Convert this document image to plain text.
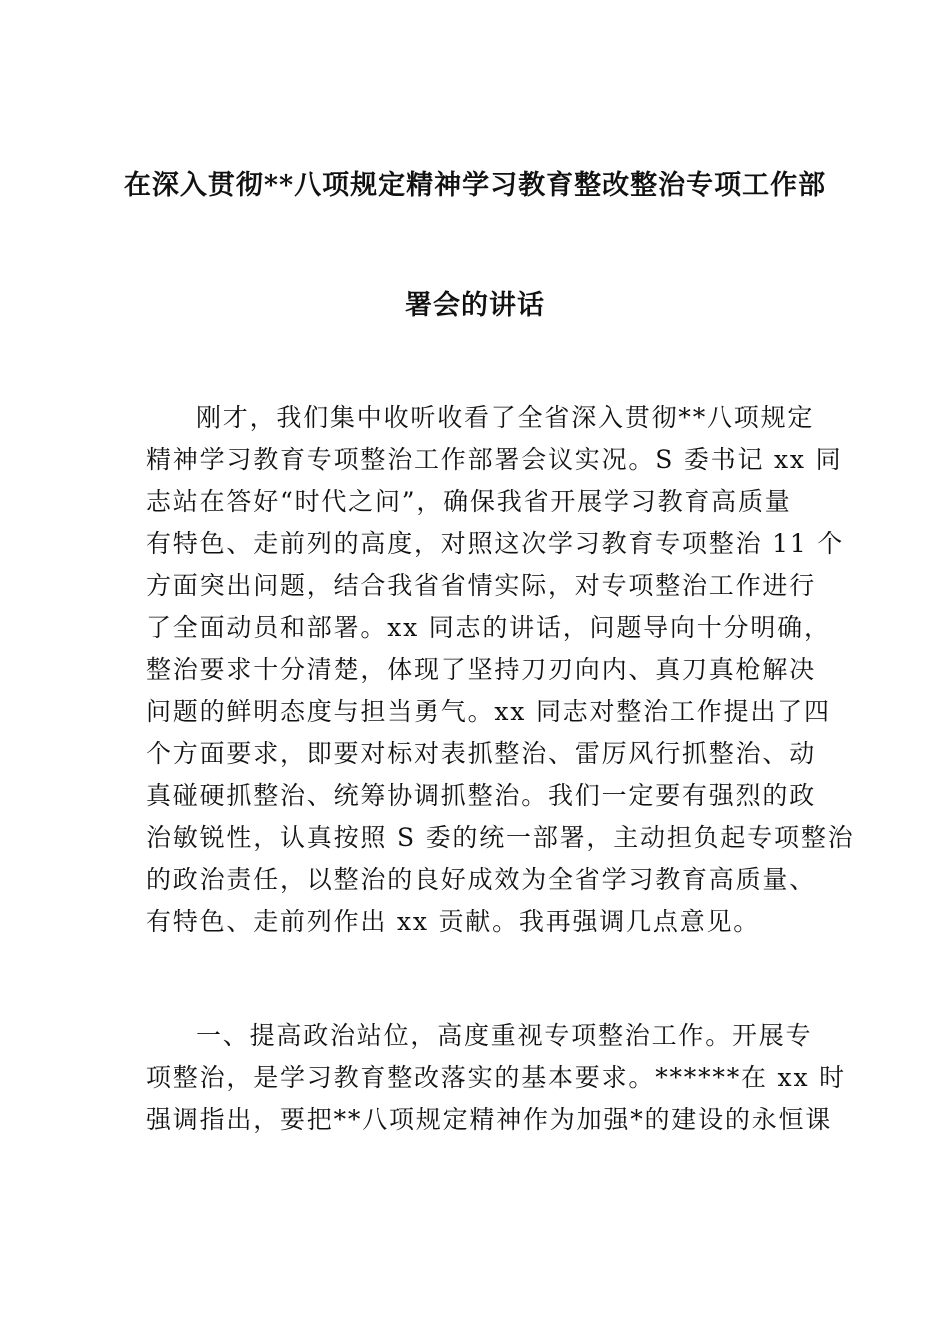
在深入贯彻**八项规定精神学习教育整改整治专项工作部
署会的讲话
刚才，我们集中收听收看了全省深入贯彻**八项规定
精神学习教育专项整治工作部署会议实况。S 委书记 xx 同
志站在答好“时代之问”，确保我省开展学习教育高质量
有特色、走前列的高度，对照这次学习教育专项整治 11 个
方面突出问题，结合我省省情实际，对专项整治工作进行
了全面动员和部署。xx 同志的讲话，问题导向十分明确，
整治要求十分清楚，体现了坚持刀刃向内、真刀真枪解决
问题的鲜明态度与担当勇气。xx 同志对整治工作提出了四
个方面要求，即要对标对表抓整治、雷厉风行抓整治、动
真碰硬抓整治、统筹协调抓整治。我们一定要有强烈的政
治敏锐性，认真按照 S 委的统一部署，主动担负起专项整治
的政治责任，以整治的良好成效为全省学习教育高质量、
有特色、走前列作出 xx 贡献。我再强调几点意见。
一、提高政治站位，高度重视专项整治工作。开展专
项整治，是学习教育整改落实的基本要求。******在 xx 时
强调指出，要把**八项规定精神作为加强*的建设的永恒课
